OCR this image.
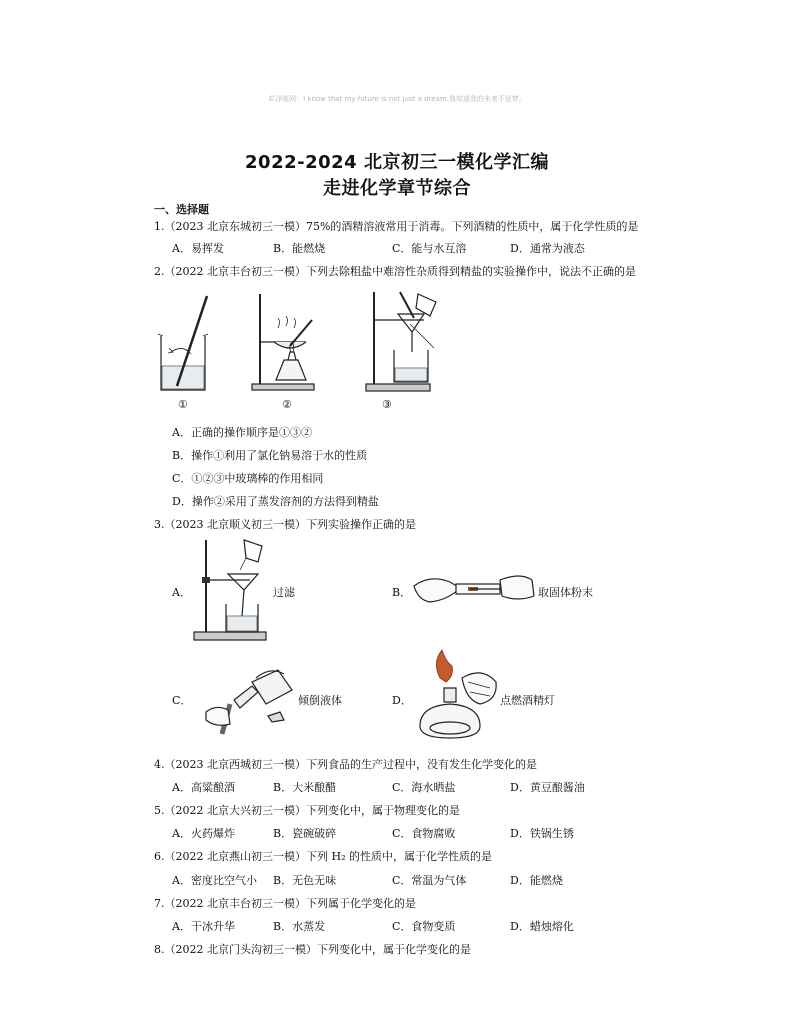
©浮练网：I know that my future is not just a dream.我知道我的未来不是梦。
2022-2024 北京初三一模化学汇编
走进化学章节综合
一、选择题
1.（2023 北京东城初三一模）75%的酒精溶液常用于消毒。下列酒精的性质中，属于化学性质的是
A．易挥发	B．能燃烧	C．能与水互溶	D．通常为液态
2.（2022 北京丰台初三一模）下列去除粗盐中难溶性杂质得到精盐的实验操作中，说法不正确的是
①	②	③
A．正确的操作顺序是①③②
B．操作①利用了氯化钠易溶于水的性质
C．①②③中玻璃棒的作用相同
D．操作②采用了蒸发溶剂的方法得到精盐
3.（2023 北京顺义初三一模）下列实验操作正确的是
A．	过滤	B．	取固体粉末
C．	倾倒液体	D．	点燃酒精灯
4.（2023 北京西城初三一模）下列食品的生产过程中，没有发生化学变化的是
A．高粱酿酒	B．大米酿醋	C．海水晒盐	D．黄豆酿酱油
5.（2022 北京大兴初三一模）下列变化中，属于物理变化的是
A．火药爆炸	B．瓷碗破碎	C．食物腐败	D．铁锅生锈
6.（2022 北京燕山初三一模）下列 H₂ 的性质中，属于化学性质的是
A．密度比空气小 B．无色无味	C．常温为气体	D．能燃烧
7.（2022 北京丰台初三一模）下列属于化学变化的是
A．干冰升华	B．水蒸发	C．食物变质	D．蜡烛熔化
8.（2022 北京门头沟初三一模）下列变化中，属于化学变化的是
